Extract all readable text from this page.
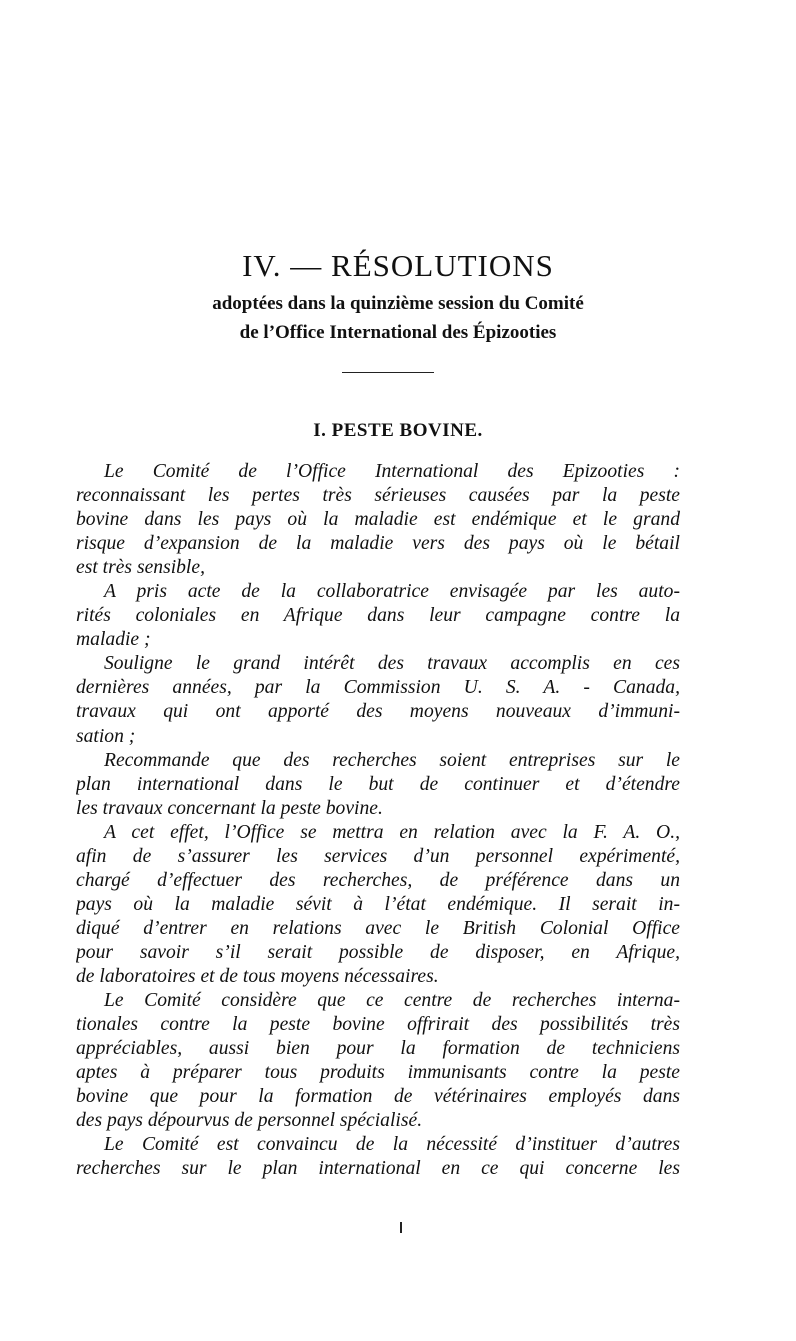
IV. — RÉSOLUTIONS
adoptées dans la quinzième session du Comité
de l’Office International des Épizooties
I. PESTE BOVINE.
Le Comité de l’Office International des Epizooties :
reconnaissant les pertes très sérieuses causées par la peste
bovine dans les pays où la maladie est endémique et le grand
risque d’expansion de la maladie vers des pays où le bétail
est très sensible,
A pris acte de la collaboratrice envisagée par les auto-
rités coloniales en Afrique dans leur campagne contre la
maladie ;
Souligne le grand intérêt des travaux accomplis en ces
dernières années, par la Commission U. S. A. - Canada,
travaux qui ont apporté des moyens nouveaux d’immuni-
sation ;
Recommande que des recherches soient entreprises sur le
plan international dans le but de continuer et d’étendre
les travaux concernant la peste bovine.
A cet effet, l’Office se mettra en relation avec la F. A. O.,
afin de s’assurer les services d’un personnel expérimenté,
chargé d’effectuer des recherches, de préférence dans un
pays où la maladie sévit à l’état endémique. Il serait in-
diqué d’entrer en relations avec le British Colonial Office
pour savoir s’il serait possible de disposer, en Afrique,
de laboratoires et de tous moyens nécessaires.
Le Comité considère que ce centre de recherches interna-
tionales contre la peste bovine offrirait des possibilités très
appréciables, aussi bien pour la formation de techniciens
aptes à préparer tous produits immunisants contre la peste
bovine que pour la formation de vétérinaires employés dans
des pays dépourvus de personnel spécialisé.
Le Comité est convaincu de la nécessité d’instituer d’autres
recherches sur le plan international en ce qui concerne les
